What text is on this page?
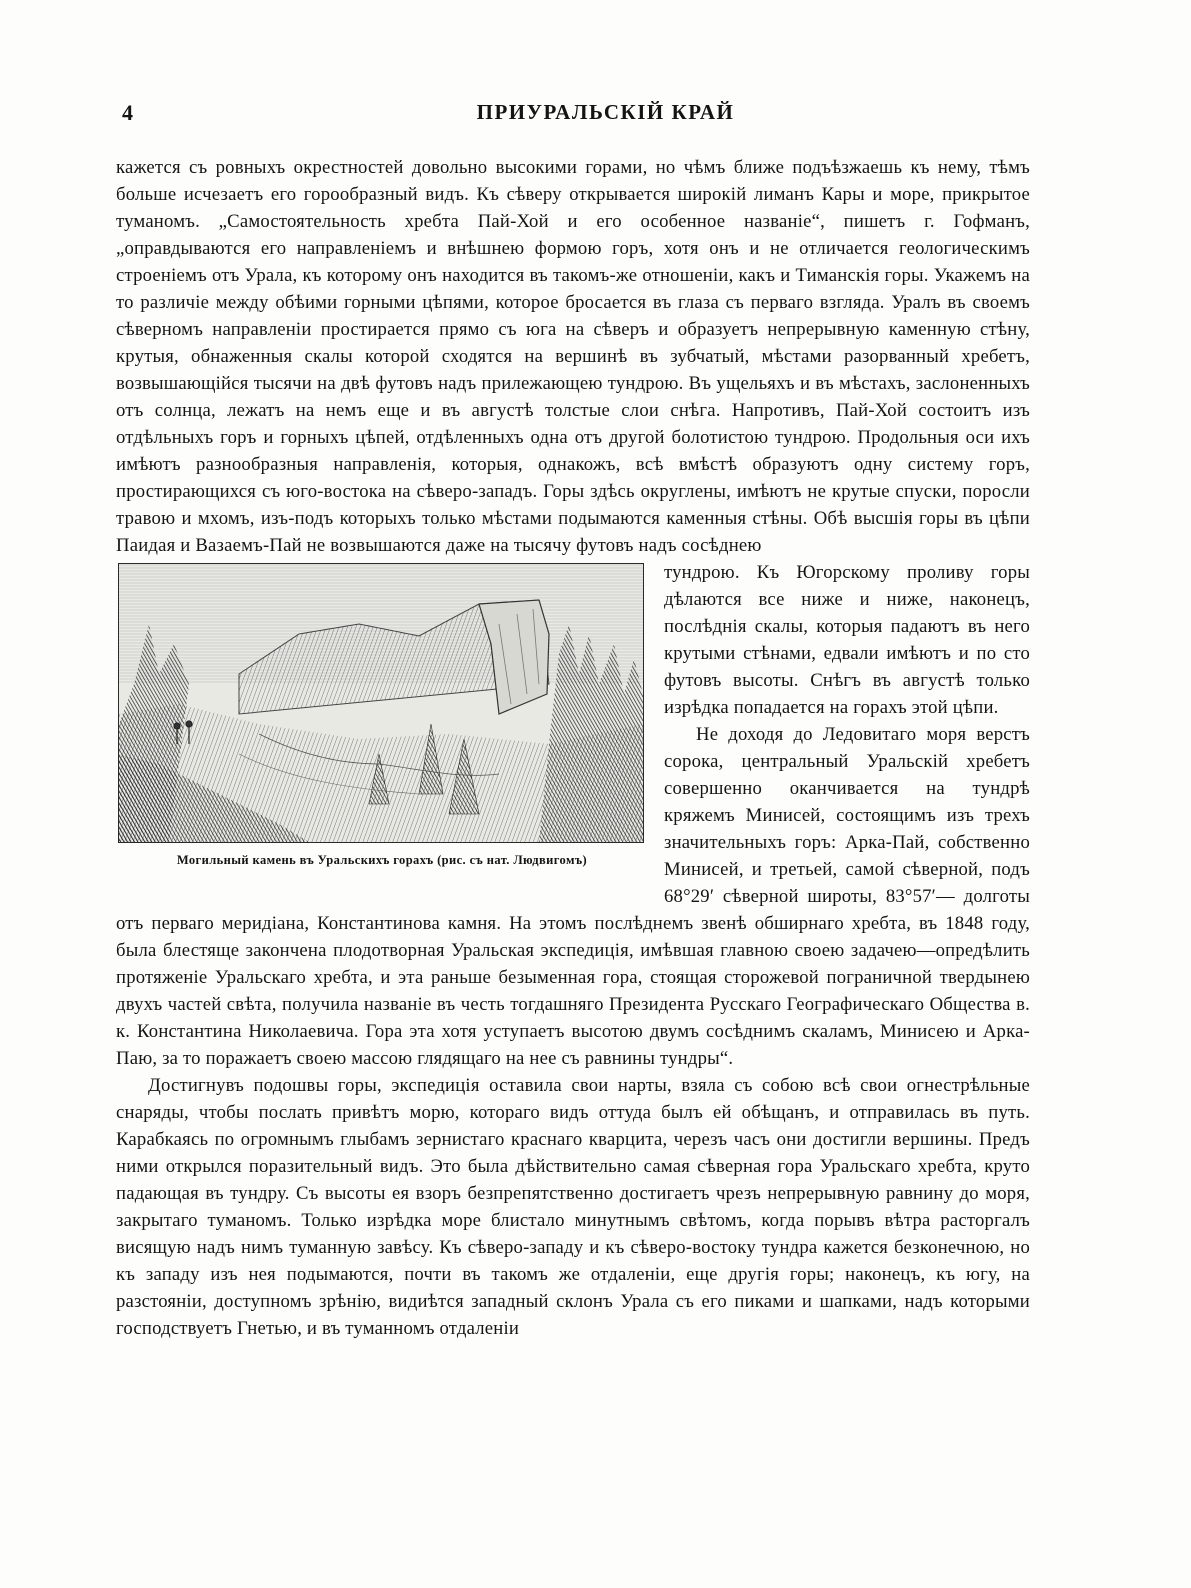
4	ПРИУРАЛЬСКIЙ КРАЙ

кажется съ ровныхъ окрестностей довольно высокими горами, но чѣмъ ближе подъѣзжаешь къ нему, тѣмъ больше исчезаетъ его горообразный видъ. Къ сѣверу открывается широкiй лиманъ Кары и море, прикрытое туманомъ. „Самостоятельность хребта Пай-Хой и его особенное названiе“, пишетъ г. Гофманъ, „оправдываются его направленiемъ и внѣшнею формою горъ, хотя онъ и не отличается геологическимъ строенiемъ отъ Урала, къ которому онъ находится въ такомъ-же отношенiи, какъ и Тиманскiя горы. Укажемъ на то различiе между обѣими горными цѣпями, которое бросается въ глаза съ перваго взгляда. Уралъ въ своемъ сѣверномъ направленiи простирается прямо съ юга на сѣверъ и образуетъ непрерывную каменную стѣну, крутыя, обнаженныя скалы которой сходятся на вершинѣ въ зубчатый, мѣстами разорванный хребетъ, возвышающiйся тысячи на двѣ футовъ надъ прилежающею тундрою. Въ ущельяхъ и въ мѣстахъ, заслоненныхъ отъ солнца, лежатъ на немъ еще и въ августѣ толстые слои снѣга. Напротивъ, Пай-Хой состоитъ изъ отдѣльныхъ горъ и горныхъ цѣпей, отдѣленныхъ одна отъ другой болотистою тундрою. Продольныя оси ихъ имѣютъ разнообразныя направленiя, которыя, однакожъ, всѣ вмѣстѣ образуютъ одну систему горъ, простирающихся съ юго-востока на сѣверо-западъ. Горы здѣсь округлены, имѣютъ не крутые спуски, поросли травою и мхомъ, изъ-подъ которыхъ только мѣстами подымаются каменныя стѣны. Обѣ высшiя горы въ цѣпи Паидая и Вазаемъ-Пай не возвышаются даже на тысячу футовъ надъ сосѣднею

Могильный камень въ Уральскихъ горахъ (рис. съ нат. Людвигомъ)

тундрою. Къ Югорскому проливу горы дѣлаются все ниже и ниже, наконецъ, послѣднiя скалы, которыя падаютъ въ него крутыми стѣнами, едвали имѣютъ и по сто футовъ высоты. Снѣгъ въ августѣ только изрѣдка попадается на горахъ этой цѣпи.

Не доходя до Ледовитаго моря верстъ сорока, центральный Уральскiй хребетъ совершенно оканчивается на тундрѣ кряжемъ Минисей, состоящимъ изъ трехъ значительныхъ горъ: Арка-Пай, собственно Минисей, и третьей, самой сѣверной, подъ 68°29′ сѣверной широты, 83°57′— долготы отъ перваго меридiана, Константинова камня. На этомъ послѣднемъ звенѣ обширнаго хребта, въ 1848 году, была блестяще закончена плодотворная Уральская экспедицiя, имѣвшая главною своею задачею—опредѣлить протяженiе Уральскаго хребта, и эта раньше безыменная гора, стоящая сторожевой пограничной твердынею двухъ частей свѣта, получила названiе въ честь тогдашняго Президента Русскаго Географическаго Общества в. к. Константина Николаевича. Гора эта хотя уступаетъ высотою двумъ сосѣднимъ скаламъ, Минисею и Арка-Паю, за то поражаетъ своею массою глядящаго на нее съ равнины тундры“.

Достигнувъ подошвы горы, экспедицiя оставила свои нарты, взяла съ собою всѣ свои огнестрѣльные снаряды, чтобы послать привѣтъ морю, котораго видъ оттуда былъ ей обѣщанъ, и отправилась въ путь. Карабкаясь по огромнымъ глыбамъ зернистаго краснаго кварцита, черезъ часъ они достигли вершины. Предъ ними открылся поразительный видъ. Это была дѣйствительно самая сѣверная гора Уральскаго хребта, круто падающая въ тундру. Съ высоты ея взоръ безпрепятственно достигаетъ чрезъ непрерывную равнину до моря, закрытаго туманомъ. Только изрѣдка море блистало минутнымъ свѣтомъ, когда порывъ вѣтра расторгалъ висящую надъ нимъ туманную завѣсу. Къ сѣверо-западу и къ сѣверо-востоку тундра кажется безконечною, но къ западу изъ нея подымаются, почти въ такомъ же отдаленiи, еще другiя горы; наконецъ, къ югу, на разстоянiи, доступномъ зрѣнiю, видиѣтся западный склонъ Урала съ его пиками и шапками, надъ которыми господствуетъ Гнетью, и въ туманномъ отдаленiи
